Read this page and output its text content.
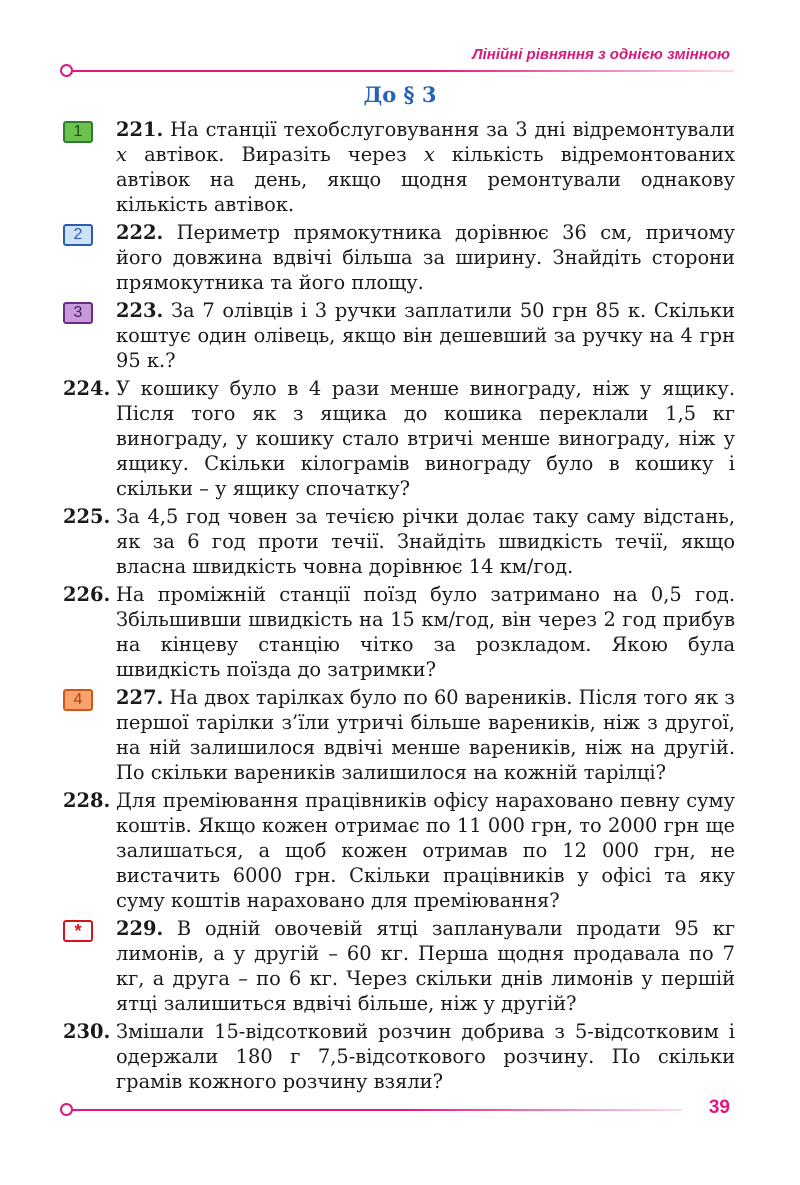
Лінійні рівняння з однією змінною
До § 3
1	221. На станції техобслуговування за 3 дні відремонтували x автівок. Виразіть через x кількість відремонтованих автівок на день, якщо щодня ремонтували однакову кількість автівок.
2	222. Периметр прямокутника дорівнює 36 см, причому його довжина вдвічі більша за ширину. Знайдіть сторони прямокутника та його площу.
3	223. За 7 олівців і 3 ручки заплатили 50 грн 85 к. Скільки коштує один олівець, якщо він дешевший за ручку на 4 грн 95 к.?
224. У кошику було в 4 рази менше винограду, ніж у ящику. Після того як з ящика до кошика переклали 1,5 кг винограду, у кошику стало втричі менше винограду, ніж у ящику. Скільки кілограмів винограду було в кошику і скільки – у ящику спочатку?
225. За 4,5 год човен за течією річки долає таку саму відстань, як за 6 год проти течії. Знайдіть швидкість течії, якщо власна швидкість човна дорівнює 14 км/год.
226. На проміжній станції поїзд було затримано на 0,5 год. Збільшивши швидкість на 15 км/год, він через 2 год прибув на кінцеву станцію чітко за розкладом. Якою була швидкість поїзда до затримки?
4	227. На двох тарілках було по 60 вареників. Після того як з першої тарілки з’їли утричі більше вареників, ніж з другої, на ній залишилося вдвічі менше вареників, ніж на другій. По скільки вареників залишилося на кожній тарілці?
228. Для преміювання працівників офісу нараховано певну суму коштів. Якщо кожен отримає по 11 000 грн, то 2000 грн ще залишаться, а щоб кожен отримав по 12 000 грн, не вистачить 6000 грн. Скільки працівників у офісі та яку суму коштів нараховано для преміювання?
*	229. В одній овочевій ятці запланували продати 95 кг лимонів, а у другій – 60 кг. Перша щодня продавала по 7 кг, а друга – по 6 кг. Через скільки днів лимонів у першій ятці залишиться вдвічі більше, ніж у другій?
230. Змішали 15-відсотковий розчин добрива з 5-відсотковим і одержали 180 г 7,5-відсоткового розчину. По скільки грамів кожного розчину взяли?
39
